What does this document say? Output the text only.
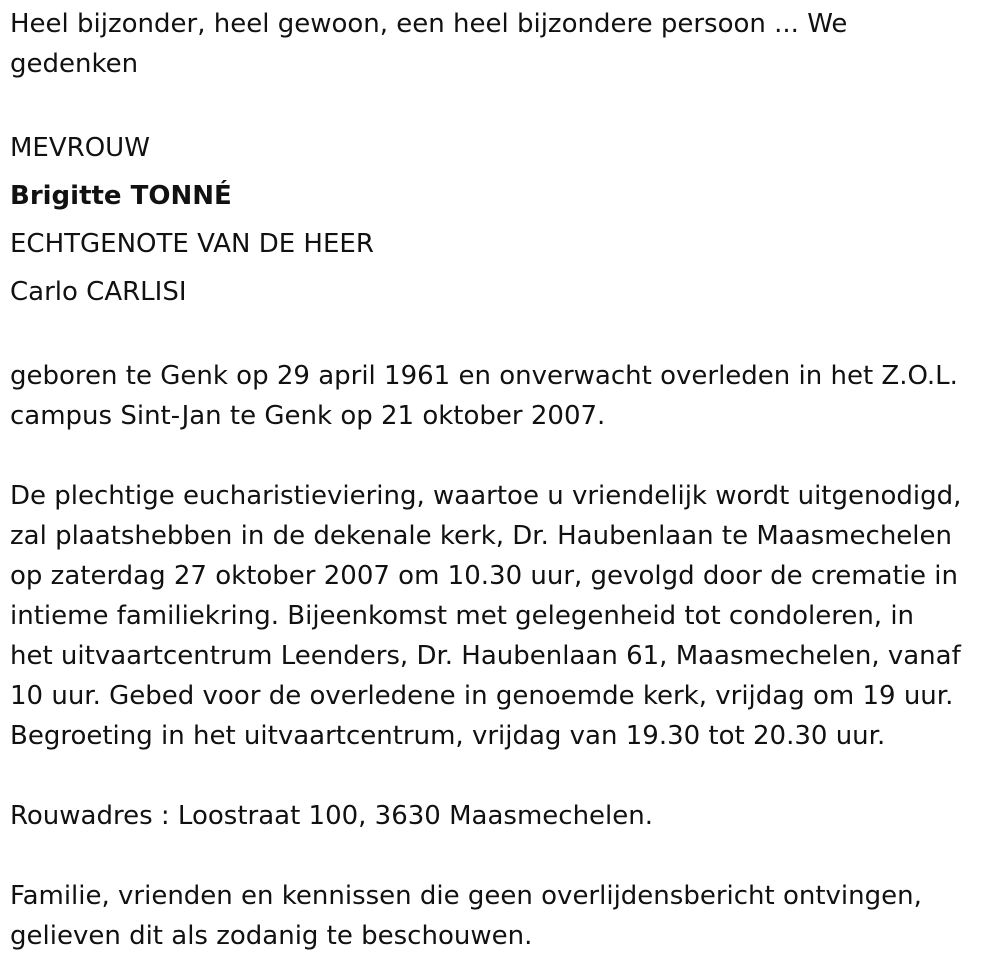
Heel bijzonder, heel gewoon, een heel bijzondere persoon ... We
gedenken

MEVROUW
Brigitte TONNÉ
ECHTGENOTE VAN DE HEER
Carlo CARLISI

geboren te Genk op 29 april 1961 en onverwacht overleden in het Z.O.L.
campus Sint-Jan te Genk op 21 oktober 2007.

De plechtige eucharistieviering, waartoe u vriendelijk wordt uitgenodigd,
zal plaatshebben in de dekenale kerk, Dr. Haubenlaan te Maasmechelen
op zaterdag 27 oktober 2007 om 10.30 uur, gevolgd door de crematie in
intieme familiekring. Bijeenkomst met gelegenheid tot condoleren, in
het uitvaartcentrum Leenders, Dr. Haubenlaan 61, Maasmechelen, vanaf
10 uur. Gebed voor de overledene in genoemde kerk, vrijdag om 19 uur.
Begroeting in het uitvaartcentrum, vrijdag van 19.30 tot 20.30 uur.

Rouwadres : Loostraat 100, 3630 Maasmechelen.

Familie, vrienden en kennissen die geen overlijdensbericht ontvingen,
gelieven dit als zodanig te beschouwen.
